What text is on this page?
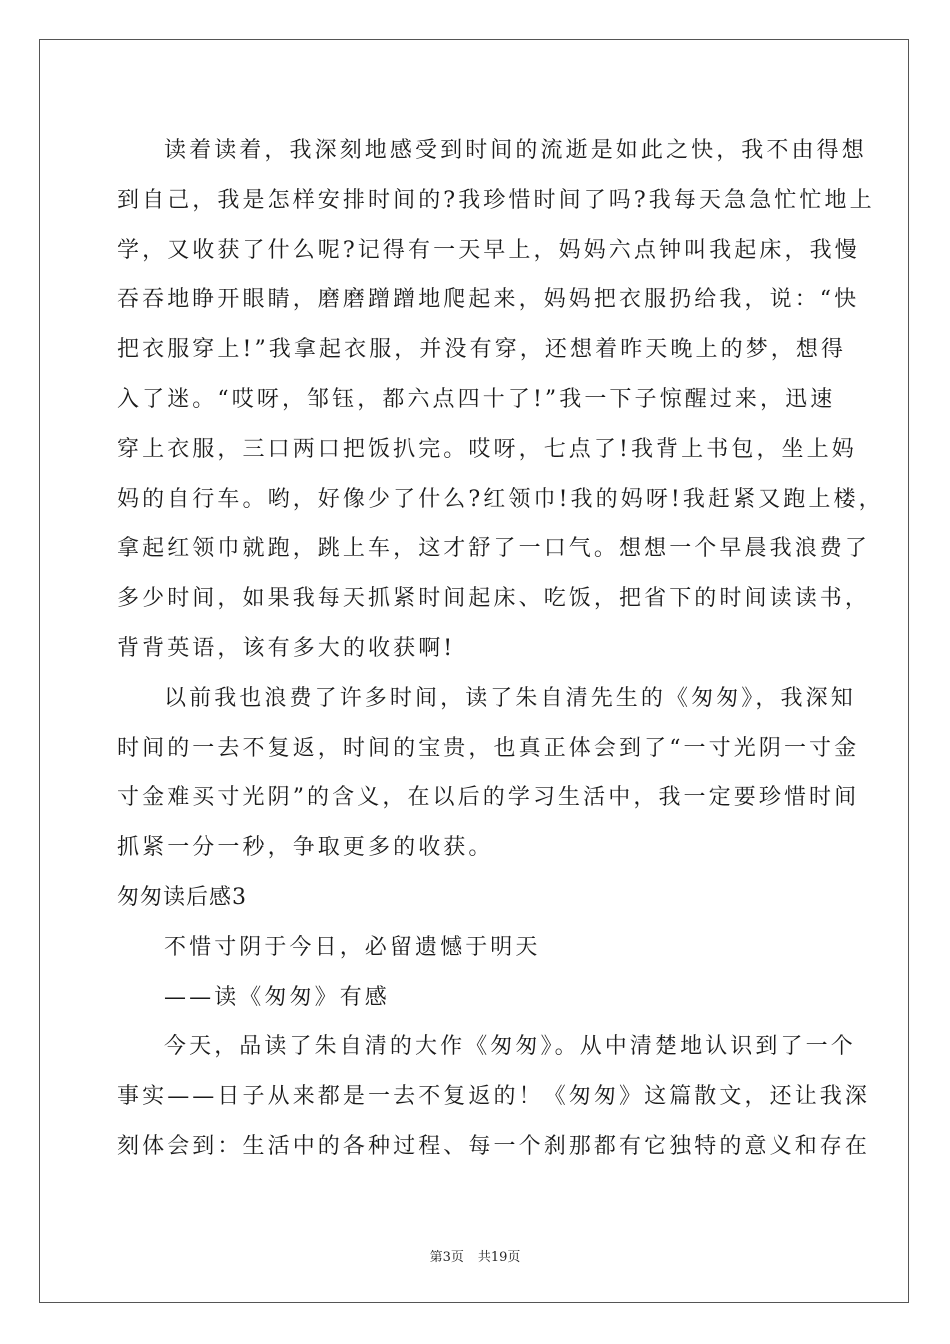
读着读着，我深刻地感受到时间的流逝是如此之快，我不由得想
到自己，我是怎样安排时间的?我珍惜时间了吗?我每天急急忙忙地上
学，又收获了什么呢?记得有一天早上，妈妈六点钟叫我起床，我慢
吞吞地睁开眼睛，磨磨蹭蹭地爬起来，妈妈把衣服扔给我，说：“快
把衣服穿上!”我拿起衣服，并没有穿，还想着昨天晚上的梦，想得
入了迷。“哎呀，邹钰，都六点四十了!”我一下子惊醒过来，迅速
穿上衣服，三口两口把饭扒完。哎呀，七点了!我背上书包，坐上妈
妈的自行车。哟，好像少了什么?红领巾!我的妈呀!我赶紧又跑上楼，
拿起红领巾就跑，跳上车，这才舒了一口气。想想一个早晨我浪费了
多少时间，如果我每天抓紧时间起床、吃饭，把省下的时间读读书，
背背英语，该有多大的收获啊!
以前我也浪费了许多时间，读了朱自清先生的《匆匆》，我深知
时间的一去不复返，时间的宝贵，也真正体会到了“一寸光阴一寸金
寸金难买寸光阴”的含义，在以后的学习生活中，我一定要珍惜时间
抓紧一分一秒，争取更多的收获。
匆匆读后感3
不惜寸阴于今日，必留遗憾于明天
——读《匆匆》有感
今天，品读了朱自清的大作《匆匆》。从中清楚地认识到了一个
事实——日子从来都是一去不复返的！《匆匆》这篇散文，还让我深
刻体会到：生活中的各种过程、每一个刹那都有它独特的意义和存在
第3页 共19页
